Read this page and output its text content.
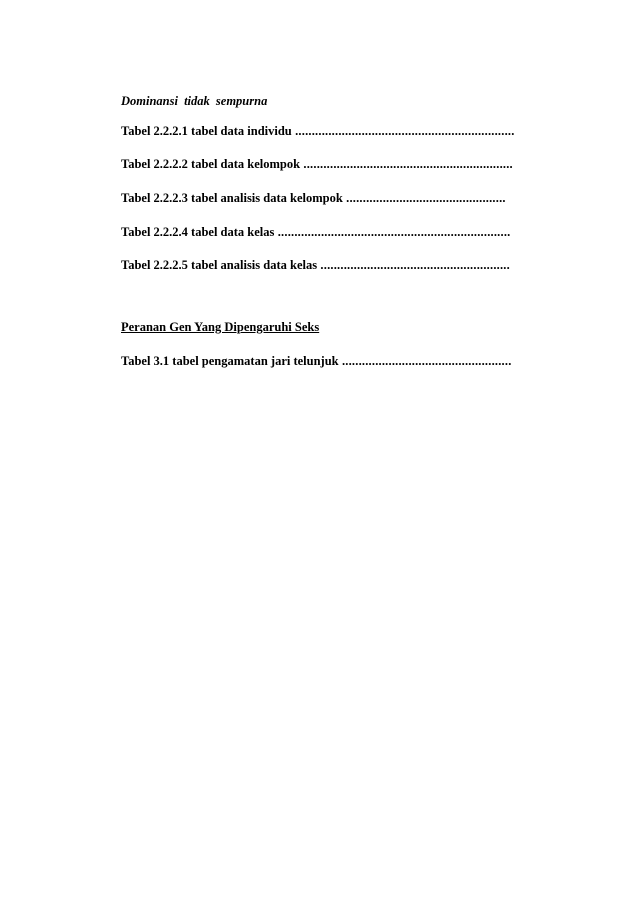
Dominansi tidak sempurna
Tabel 2.2.2.1 tabel data individu ..................................................................
Tabel 2.2.2.2 tabel data kelompok ...............................................................
Tabel 2.2.2.3 tabel analisis data kelompok ................................................
Tabel 2.2.2.4 tabel data kelas ......................................................................
Tabel 2.2.2.5 tabel analisis data kelas .........................................................
Peranan Gen Yang Dipengaruhi Seks
Tabel 3.1 tabel pengamatan jari telunjuk ...................................................
